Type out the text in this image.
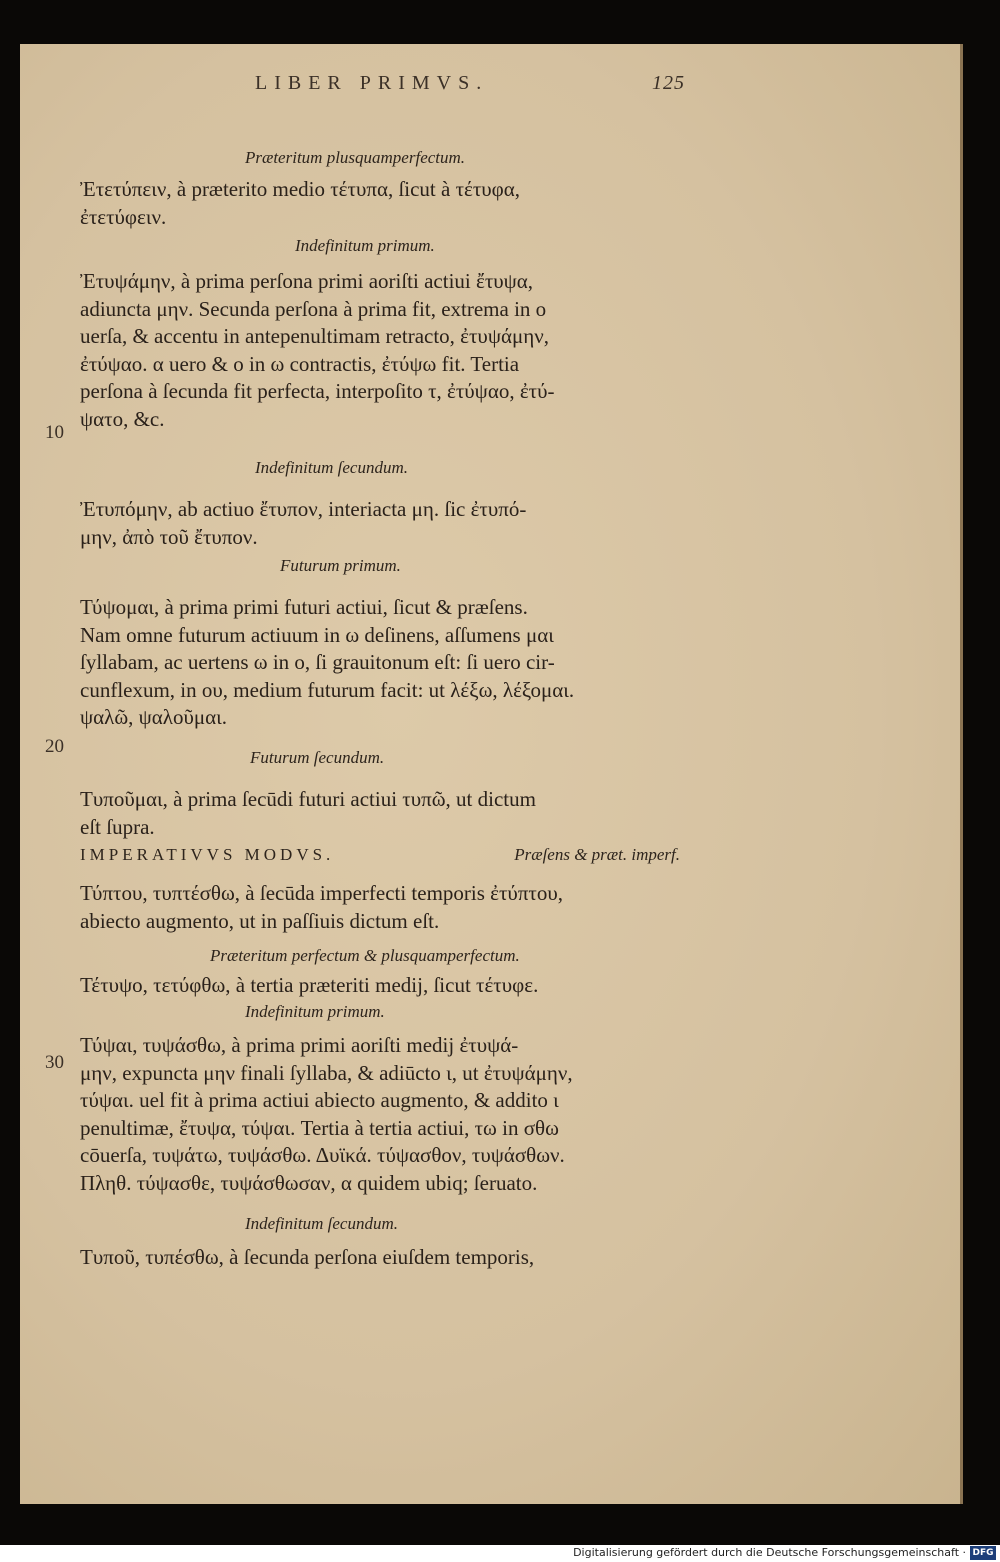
LIBER PRIMVS.	125
Præteritum plusquamperfectum.
Ἐτετύπειν, à præterito medio τέτυπα, ſicut à τέτυφα,
ἐτετύφειν.
Indefinitum primum.
Ἐτυψάμην, à prima perſona primi aoriſti actiui ἔτυψα,
adiuncta μην. Secunda perſona à prima fit, extrema in ο
uerſa, & accentu in antepenultimam retracto, ἐτυψάμην,
ἐτύψαο. α uero & ο in ω contractis, ἐτύψω fit. Tertia
perſona à ſecunda fit perfecta, interpoſito τ, ἐτύψαο, ἐτύ-
ψατο, &c.
Indefinitum ſecundum.
Ἐτυπόμην, ab actiuo ἔτυπον, interiacta μη. ſic ἐτυπό-
μην, ἀπὸ τοῦ ἔτυπον.
Futurum primum.
Τύψομαι, à prima primi futuri actiui, ſicut & præſens.
Nam omne futurum actiuum in ω deſinens, aſſumens μαι
ſyllabam, ac uertens ω in ο, ſi grauitonum eſt: ſi uero cir-
cunflexum, in ου, medium futurum facit: ut λέξω, λέξομαι.
ψαλῶ, ψαλοῦμαι.
Futurum ſecundum.
Τυποῦμαι, à prima ſecūdi futuri actiui τυπῶ, ut dictum
eſt ſupra.
IMPERATIVVS MODVS.	Præſens & præt. imperf.
Τύπτου, τυπτέσθω, à ſecūda imperfecti temporis ἐτύπτου,
abiecto augmento, ut in paſſiuis dictum eſt.
Præteritum perfectum & plusquamperfectum.
Τέτυψο, τετύφθω, à tertia præteriti medij, ſicut τέτυφε.
Indefinitum primum.
Τύψαι, τυψάσθω, à prima primi aoriſti medij ἐτυψά-
μην, expuncta μην finali ſyllaba, & adiūcto ι, ut ἐτυψάμην,
τύψαι. uel fit à prima actiui abiecto augmento, & addito ι
penultimæ, ἔτυψα, τύψαι. Tertia à tertia actiui, τω in σθω
cōuerſa, τυψάτω, τυψάσθω. Δυϊκά. τύψασθον, τυψάσθων.
Πληθ. τύψασθε, τυψάσθωσαν, α quidem ubiq; ſeruato.
Indefinitum ſecundum.
Τυποῦ, τυπέσθω, à ſecunda perſona eiuſdem temporis,
10
20
30
Digitalisierung gefördert durch die Deutsche Forschungsgemeinschaft · DFG
